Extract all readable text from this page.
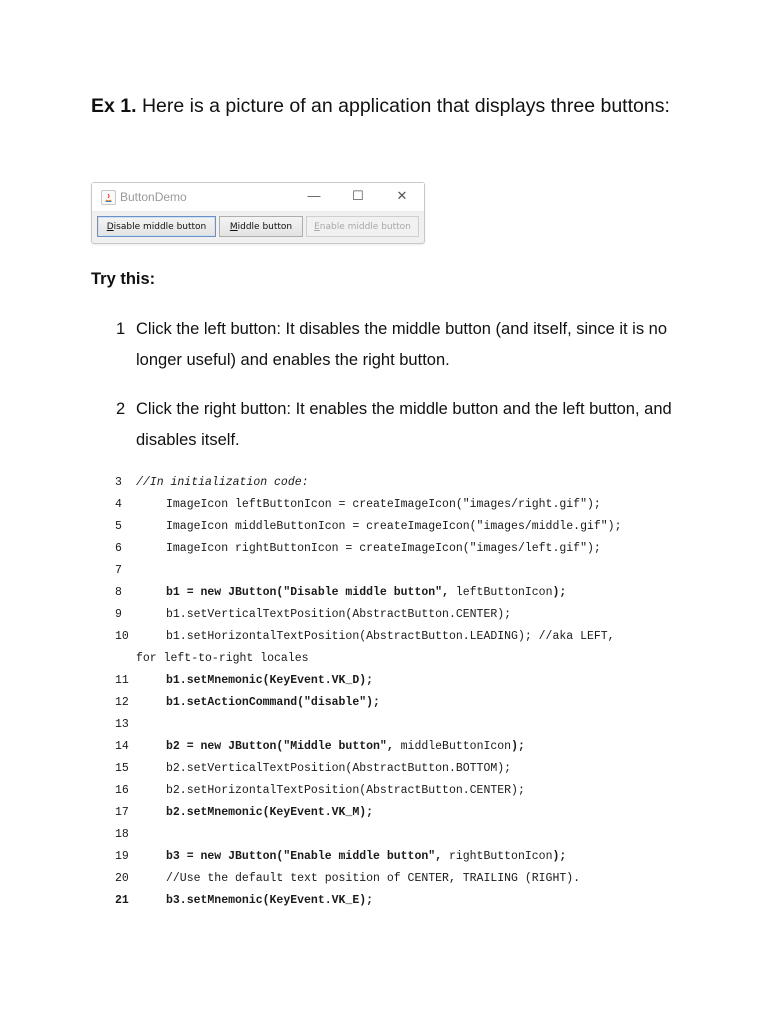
Ex 1. Here is a picture of an application that displays three buttons:

ButtonDemo	— ☐	✕
Disable middle button	Middle button	Enable middle button
Try this:
1 Click the left button: It disables the middle button (and itself, since it is no longer useful) and enables the right button.
2 Click the right button: It enables the middle button and the left button, and disables itself.
3 //In initialization code:
4	ImageIcon leftButtonIcon = createImageIcon("images/right.gif");
5	ImageIcon middleButtonIcon = createImageIcon("images/middle.gif");
6	ImageIcon rightButtonIcon = createImageIcon("images/left.gif");
7
8	b1 = new JButton("Disable middle button", leftButtonIcon);
9	b1.setVerticalTextPosition(AbstractButton.CENTER);
10	b1.setHorizontalTextPosition(AbstractButton.LEADING); //aka LEFT,
for left-to-right locales
11	b1.setMnemonic(KeyEvent.VK_D);
12	b1.setActionCommand("disable");
13
14	b2 = new JButton("Middle button", middleButtonIcon);
15	b2.setVerticalTextPosition(AbstractButton.BOTTOM);
16	b2.setHorizontalTextPosition(AbstractButton.CENTER);
17	b2.setMnemonic(KeyEvent.VK_M);
18
19	b3 = new JButton("Enable middle button", rightButtonIcon);
20	//Use the default text position of CENTER, TRAILING (RIGHT).
21	b3.setMnemonic(KeyEvent.VK_E);
